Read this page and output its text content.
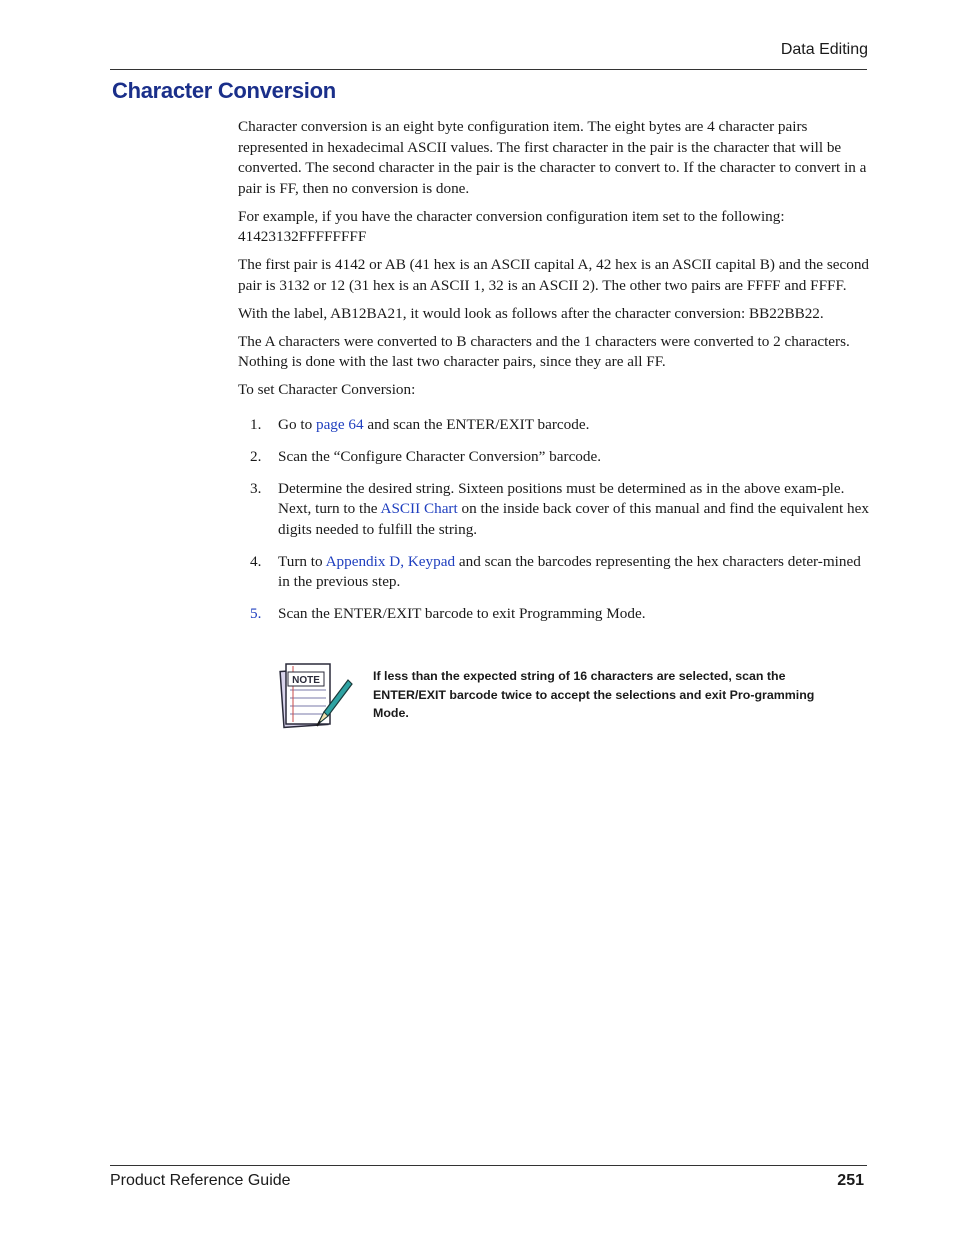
Data Editing
Character Conversion

Character conversion is an eight byte configuration item. The eight bytes are 4 character pairs represented in hexadecimal ASCII values. The first character in the pair is the character that will be converted. The second character in the pair is the character to convert to. If the character to convert in a pair is FF, then no conversion is done.

For example, if you have the character conversion configuration item set to the following:
41423132FFFFFFFF

The first pair is 4142 or AB (41 hex is an ASCII capital A, 42 hex is an ASCII capital B) and the second pair is 3132 or 12 (31 hex is an ASCII 1, 32 is an ASCII 2). The other two pairs are FFFF and FFFF.

With the label, AB12BA21, it would look as follows after the character conversion: BB22BB22.

The A characters were converted to B characters and the 1 characters were converted to 2 characters. Nothing is done with the last two character pairs, since they are all FF.

To set Character Conversion:

1. Go to page 64 and scan the ENTER/EXIT barcode.
2. Scan the “Configure Character Conversion” barcode.
3. Determine the desired string. Sixteen positions must be determined as in the above exam-ple. Next, turn to the ASCII Chart on the inside back cover of this manual and find the equivalent hex digits needed to fulfill the string.
4. Turn to Appendix D, Keypad and scan the barcodes representing the hex characters deter-mined in the previous step.
5. Scan the ENTER/EXIT barcode to exit Programming Mode.
NOTE	If less than the expected string of 16 characters are selected, scan the ENTER/EXIT barcode twice to accept the selections and exit Pro-gramming Mode.
Product Reference Guide	251
